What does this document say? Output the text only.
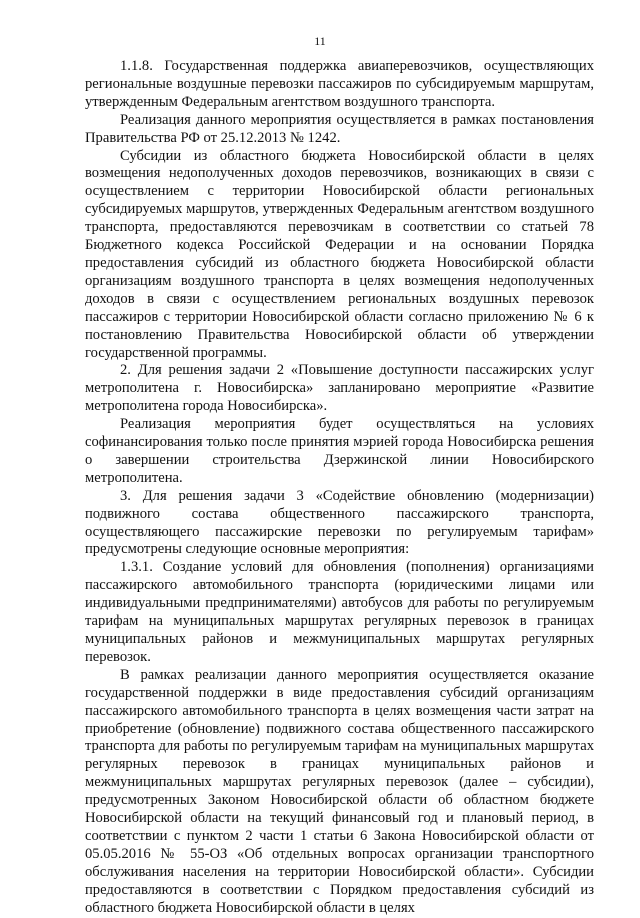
11

1.1.8. Государственная поддержка авиаперевозчиков, осуществляющих региональные воздушные перевозки пассажиров по субсидируемым маршрутам, утвержденным Федеральным агентством воздушного транспорта.

Реализация данного мероприятия осуществляется в рамках постановления Правительства РФ от 25.12.2013 № 1242.

Субсидии из областного бюджета Новосибирской области в целях возмещения недополученных доходов перевозчиков, возникающих в связи с осуществлением с территории Новосибирской области региональных субсидируемых маршрутов, утвержденных Федеральным агентством воздушного транспорта, предоставляются перевозчикам в соответствии со статьей 78 Бюджетного кодекса Российской Федерации и на основании Порядка предоставления субсидий из областного бюджета Новосибирской области организациям воздушного транспорта в целях возмещения недополученных доходов в связи с осуществлением региональных воздушных перевозок пассажиров с территории Новосибирской области согласно приложению № 6 к постановлению Правительства Новосибирской области об утверждении государственной программы.

2. Для решения задачи 2 «Повышение доступности пассажирских услуг метрополитена г. Новосибирска» запланировано мероприятие «Развитие метрополитена города Новосибирска».

Реализация мероприятия будет осуществляться на условиях софинансирования только после принятия мэрией города Новосибирска решения о завершении строительства Дзержинской линии Новосибирского метрополитена.

3. Для решения задачи 3 «Содействие обновлению (модернизации) подвижного состава общественного пассажирского транспорта, осуществляющего пассажирские перевозки по регулируемым тарифам» предусмотрены следующие основные мероприятия:

1.3.1. Создание условий для обновления (пополнения) организациями пассажирского автомобильного транспорта (юридическими лицами или индивидуальными предпринимателями) автобусов для работы по регулируемым тарифам на муниципальных маршрутах регулярных перевозок в границах муниципальных районов и межмуниципальных маршрутах регулярных перевозок.

В рамках реализации данного мероприятия осуществляется оказание государственной поддержки в виде предоставления субсидий организациям пассажирского автомобильного транспорта в целях возмещения части затрат на приобретение (обновление) подвижного состава общественного пассажирского транспорта для работы по регулируемым тарифам на муниципальных маршрутах регулярных перевозок в границах муниципальных районов и межмуниципальных маршрутах регулярных перевозок (далее – субсидии), предусмотренных Законом Новосибирской области об областном бюджете Новосибирской области на текущий финансовый год и плановый период, в соответствии с пунктом 2 части 1 статьи 6 Закона Новосибирской области от 05.05.2016 № 55-ОЗ «Об отдельных вопросах организации транспортного обслуживания населения на территории Новосибирской области». Субсидии предоставляются в соответствии с Порядком предоставления субсидий из областного бюджета Новосибирской области в целях
